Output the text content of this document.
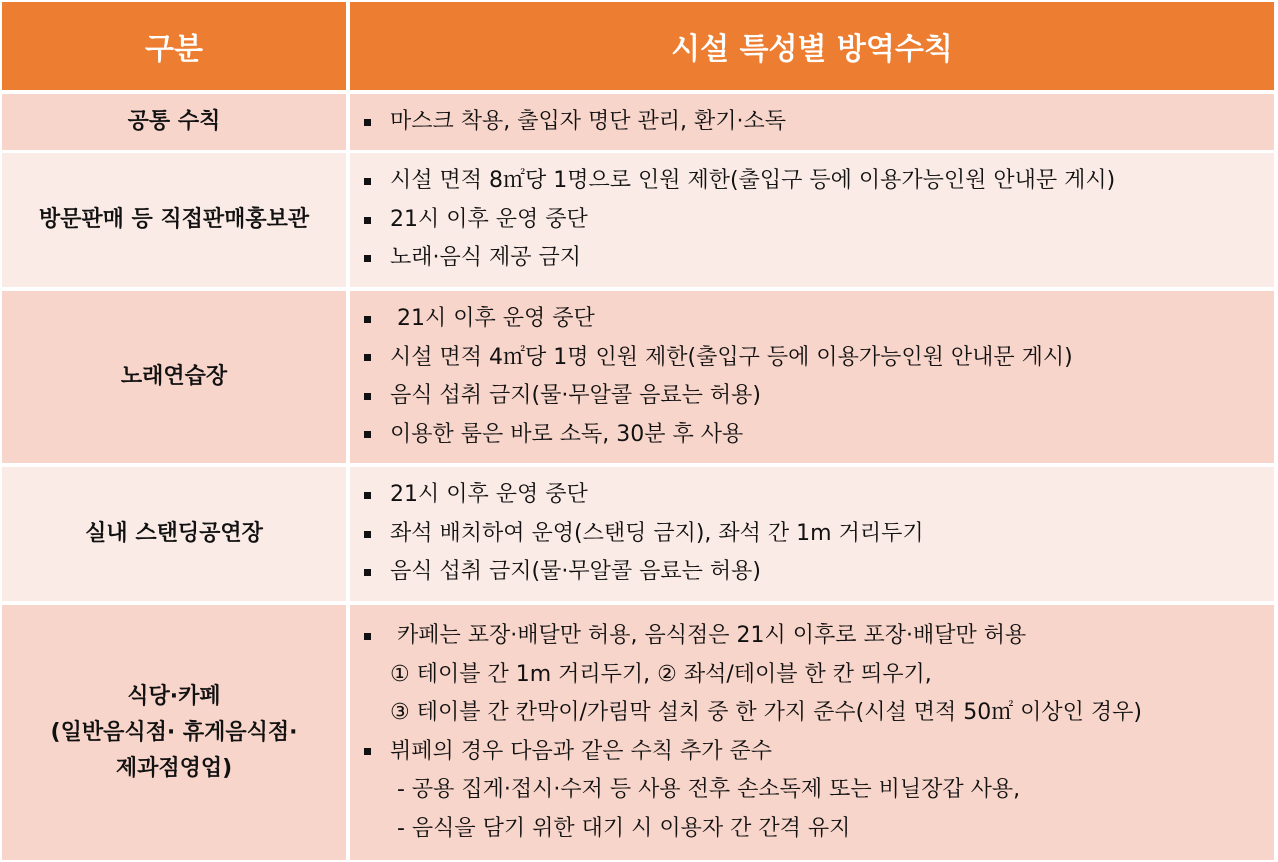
구분	시설 특성별 방역수칙
공통 수칙	마스크 착용, 출입자 명단 관리, 환기·소독
방문판매 등 직접판매홍보관
시설 면적 8㎡당 1명으로 인원 제한(출입구 등에 이용가능인원 안내문 게시)
21시 이후 운영 중단
노래·음식 제공 금지
노래연습장
21시 이후 운영 중단
시설 면적 4㎡당 1명 인원 제한(출입구 등에 이용가능인원 안내문 게시)
음식 섭취 금지(물·무알콜 음료는 허용)
이용한 룸은 바로 소독, 30분 후 사용
실내 스탠딩공연장
21시 이후 운영 중단
좌석 배치하여 운영(스탠딩 금지), 좌석 간 1m 거리두기
음식 섭취 금지(물·무알콜 음료는 허용)
식당·카페
(일반음식점· 휴게음식점·
제과점영업)
카페는 포장·배달만 허용, 음식점은 21시 이후로 포장·배달만 허용
① 테이블 간 1m 거리두기, ② 좌석/테이블 한 칸 띄우기,
③ 테이블 간 칸막이/가림막 설치 중 한 가지 준수(시설 면적 50㎡ 이상인 경우)
뷔페의 경우 다음과 같은 수칙 추가 준수
- 공용 집게·접시·수저 등 사용 전후 손소독제 또는 비닐장갑 사용,
- 음식을 담기 위한 대기 시 이용자 간 간격 유지
